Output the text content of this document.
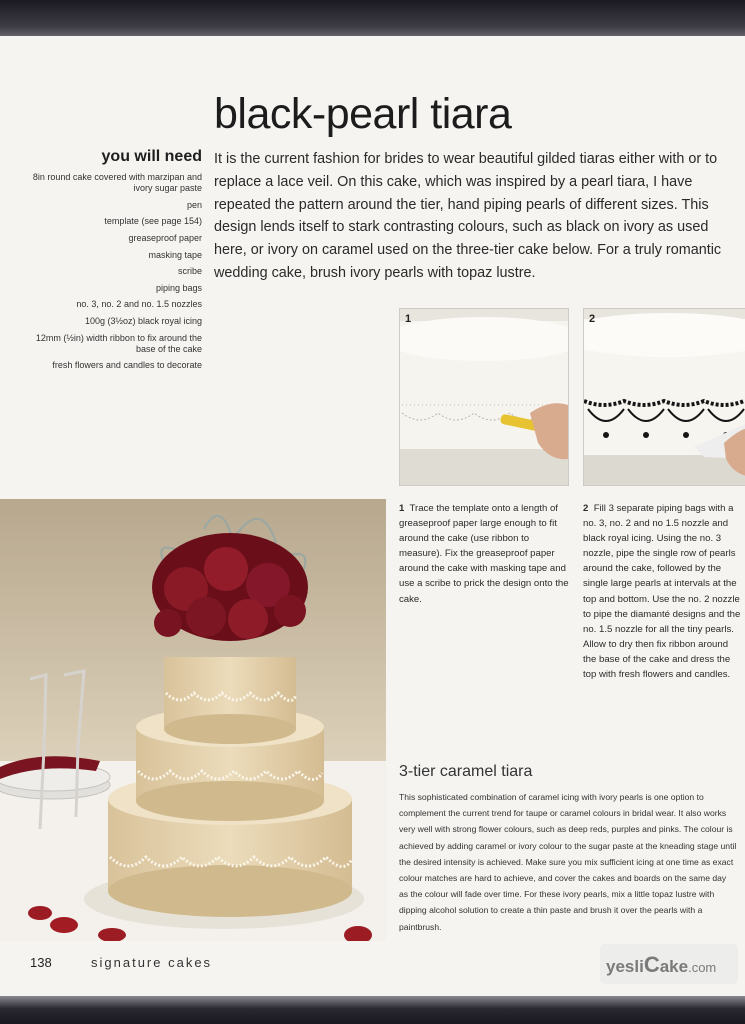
black-pearl tiara
you will need
8in round cake covered with marzipan and ivory sugar paste
pen
template (see page 154)
greaseproof paper
masking tape
scribe
piping bags
no. 3, no. 2 and no. 1.5 nozzles
100g (3½oz) black royal icing
12mm (½in) width ribbon to fix around the base of the cake
fresh flowers and candles to decorate

It is the current fashion for brides to wear beautiful gilded tiaras either with or to replace a lace veil. On this cake, which was inspired by a pearl tiara, I have repeated the pattern around the tier, hand piping pearls of different sizes. This design lends itself to stark contrasting colours, such as black on ivory as used here, or ivory on caramel used on the three-tier cake below. For a truly romantic wedding cake, brush ivory pearls with topaz lustre.

1	2

1 Trace the template onto a length of greaseproof paper large enough to fit around the cake (use ribbon to measure). Fix the greaseproof paper around the cake with masking tape and use a scribe to prick the design onto the cake.

2 Fill 3 separate piping bags with a no. 3, no. 2 and no 1.5 nozzle and black royal icing. Using the no. 3 nozzle, pipe the single row of pearls around the cake, followed by the single large pearls at intervals at the top and bottom. Use the no. 2 nozzle to pipe the diamanté designs and the no. 1.5 nozzle for all the tiny pearls. Allow to dry then fix ribbon around the base of the cake and dress the top with fresh flowers and candles.

3-tier caramel tiara

This sophisticated combination of caramel icing with ivory pearls is one option to complement the current trend for taupe or caramel colours in bridal wear. It also works very well with strong flower colours, such as deep reds, purples and pinks. The colour is achieved by adding caramel or ivory colour to the sugar paste at the kneading stage until the desired intensity is achieved. Make sure you mix sufficient icing at one time as exact colour matches are hard to achieve, and cover the cakes and boards on the same day as the colour will fade over time. For these ivory pearls, mix a little topaz lustre with dipping alcohol solution to create a thin paste and brush it over the pearls with a paintbrush.

138	signature cakes	yesliCake.com
